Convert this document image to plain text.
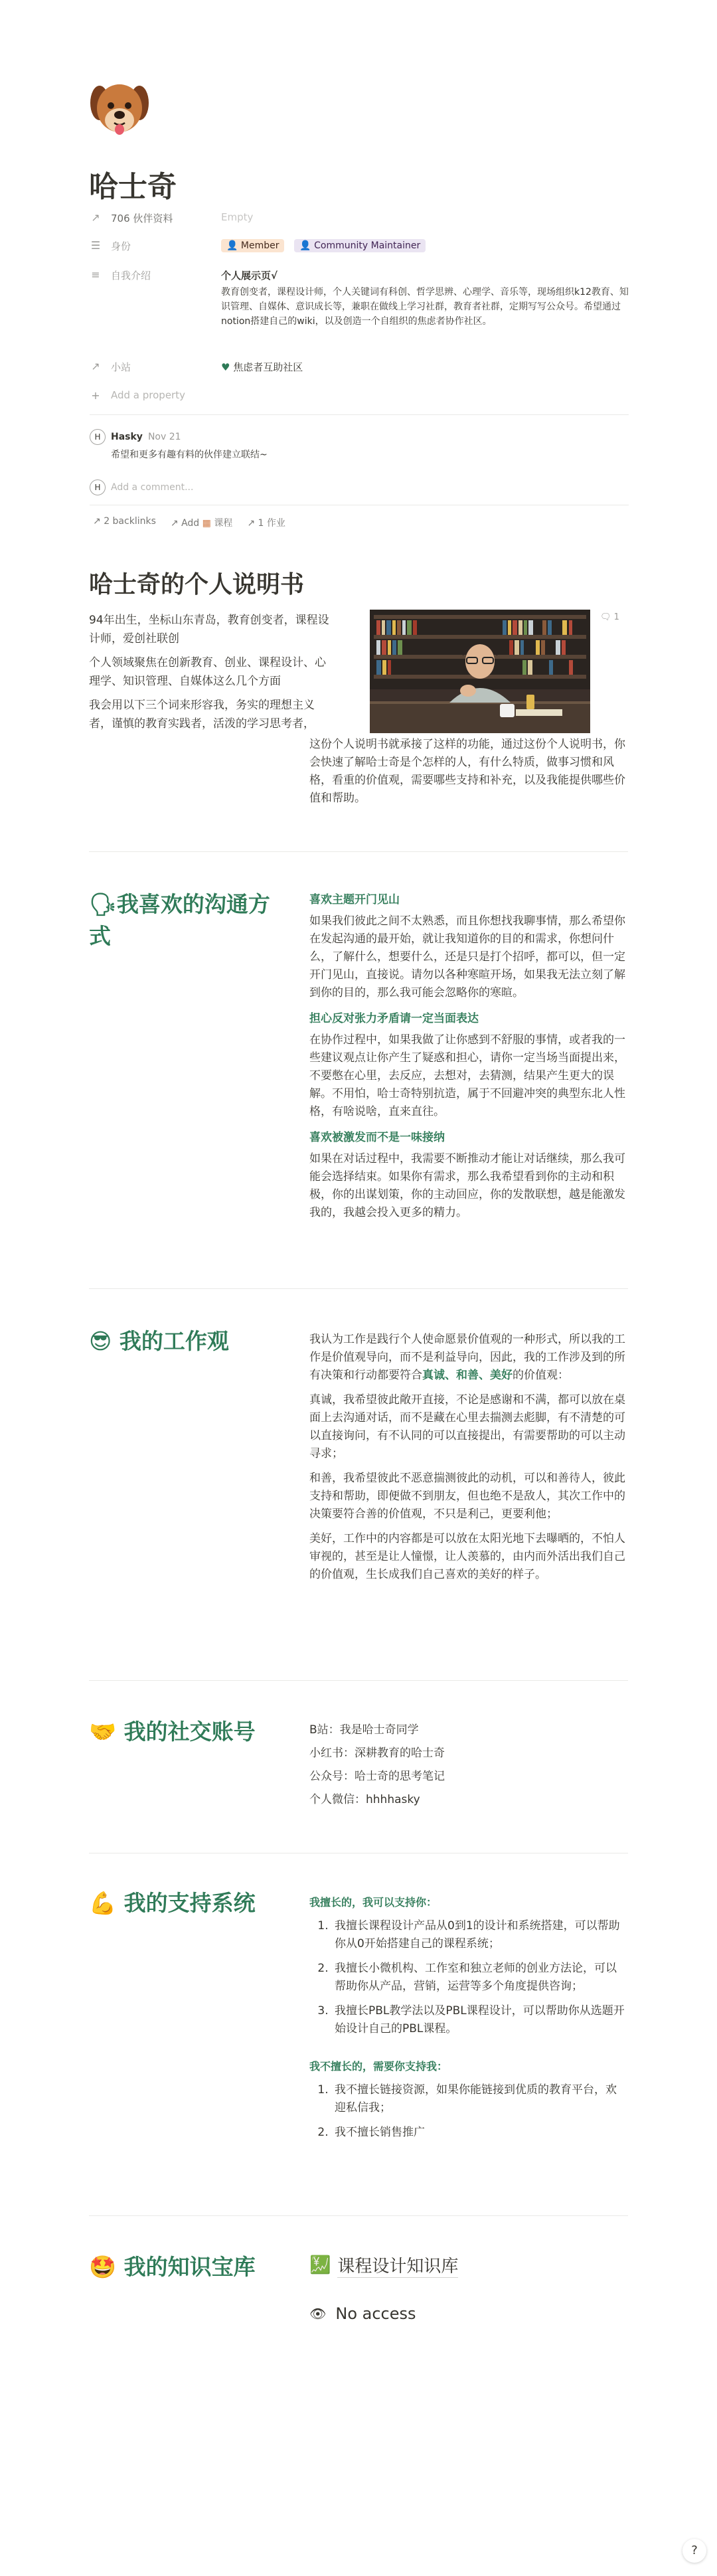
哈士奇
↗ 706 伙伴资料	Empty
☰ 身份	👤 Member 👤 Community Maintainer
≡ 自我介绍	个人展示页√
教育创变者，课程设计师，个人关键词有科创、哲学思辨、心理学、音乐等，现场组织k12教育、知识管理、自媒体、意识成长等，兼职在做线上学习社群，教育者社群，定期写写公众号。希望通过notion搭建自己的wiki，以及创造一个自组织的焦虑者协作社区。
↗ 小站	♥ 焦虑者互助社区
+ Add a property
H	Hasky Nov 21
希望和更多有趣有料的伙伴建立联结~
H	Add a comment...
↗ 2 backlinks ↗ Add ▦ 课程 ↗ 1 作业
哈士奇的个人说明书
94年出生，坐标山东青岛，教育创变者，课程设计师，爱创社联创
个人领域聚焦在创新教育、创业、课程设计、心理学、知识管理、自媒体这么几个方面
我会用以下三个词来形容我，务实的理想主义者，谨慎的教育实践者，活泼的学习思考者，
🗨 1
这份个人说明书就承接了这样的功能，通过这份个人说明书，你会快速了解哈士奇是个怎样的人，有什么特质，做事习惯和风格，看重的价值观，需要哪些支持和补充，以及我能提供哪些价值和帮助。
🗣我喜欢的沟通方式
喜欢主题开门见山
如果我们彼此之间不太熟悉，而且你想找我聊事情，那么希望你在发起沟通的最开始，就让我知道你的目的和需求，你想问什么，了解什么，想要什么，还是只是打个招呼，都可以，但一定开门见山，直接说。请勿以各种寒暄开场，如果我无法立刻了解到你的目的，那么我可能会忽略你的寒暄。
担心反对张力矛盾请一定当面表达
在协作过程中，如果我做了让你感到不舒服的事情，或者我的一些建议观点让你产生了疑惑和担心，请你一定当场当面提出来，不要憋在心里，去反应，去想对，去猜测，结果产生更大的误解。不用怕，哈士奇特别抗造，属于不回避冲突的典型东北人性格，有啥说啥，直来直往。
喜欢被激发而不是一味接纳
如果在对话过程中，我需要不断推动才能让对话继续，那么我可能会选择结束。如果你有需求，那么我希望看到你的主动和积极，你的出谋划策，你的主动回应，你的发散联想，越是能激发我的，我越会投入更多的精力。
😎 我的工作观	我认为工作是践行个人使命愿景价值观的一种形式，所以我的工作是价值观导向，而不是利益导向，因此，我的工作涉及到的所有决策和行动都要符合真诚、和善、美好的价值观：
真诚，我希望彼此敞开直接，不论是感谢和不满，都可以放在桌面上去沟通对话，而不是藏在心里去揣测去彪脚，有不清楚的可以直接询问，有不认同的可以直接提出，有需要帮助的可以主动寻求；
和善，我希望彼此不恶意揣测彼此的动机，可以和善待人，彼此支持和帮助，即便做不到朋友，但也绝不是敌人，其次工作中的决策要符合善的价值观，不只是利己，更要利他；
美好，工作中的内容都是可以放在太阳光地下去曝晒的，不怕人审视的，甚至是让人憧憬，让人羡慕的，由内而外活出我们自己的价值观，生长成我们自己喜欢的美好的样子。
🤝 我的社交账号	B站：我是哈士奇同学
小红书：深耕教育的哈士奇
公众号：哈士奇的思考笔记
个人微信：hhhhasky
💪 我的支持系统	我擅长的，我可以支持你：
1. 我擅长课程设计产品从0到1的设计和系统搭建，可以帮助你从0开始搭建自己的课程系统；
2. 我擅长小微机构、工作室和独立老师的创业方法论，可以帮助你从产品，营销，运营等多个角度提供咨询；
3. 我擅长PBL教学法以及PBL课程设计，可以帮助你从选题开始设计自己的PBL课程。
我不擅长的，需要你支持我：
1. 我不擅长链接资源，如果你能链接到优质的教育平台，欢迎私信我；
2. 我不擅长销售推广
🤩 我的知识宝库	💹 课程设计知识库
👁 No access
?
